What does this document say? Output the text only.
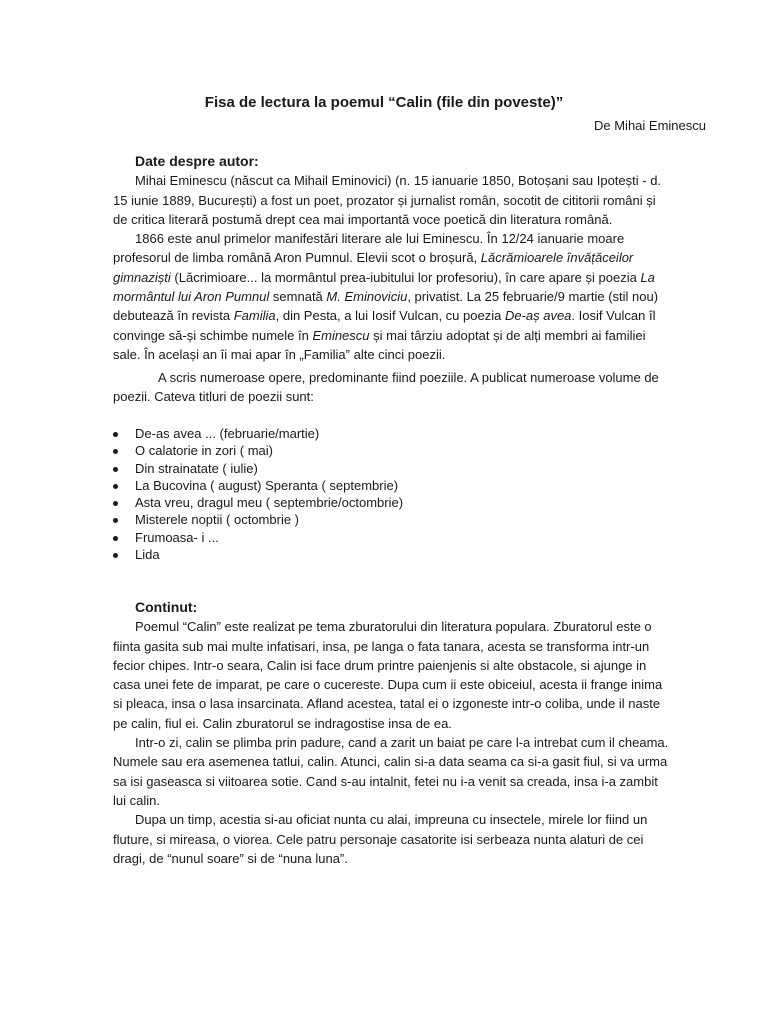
Fisa de lectura la poemul “Calin (file din poveste)”
De Mihai Eminescu
Date despre autor:

Mihai Eminescu (născut ca Mihail Eminovici) (n. 15 ianuarie 1850, Botoșani sau Ipotești - d. 15 iunie 1889, București) a fost un poet, prozator și jurnalist român, socotit de cititorii români și de critica literară postumă drept cea mai importantă voce poetică din literatura română.

1866 este anul primelor manifestări literare ale lui Eminescu. În 12/24 ianuarie moare profesorul de limba română Aron Pumnul. Elevii scot o broșură, Lăcrămioarele învățăceilor gimnaziști (Lăcrimioare... la mormântul prea-iubitului lor profesoriu), în care apare și poezia La mormântul lui Aron Pumnul semnată M. Eminoviciu, privatist. La 25 februarie/9 martie (stil nou) debutează în revista Familia, din Pesta, a lui Iosif Vulcan, cu poezia De-aș avea. Iosif Vulcan îl convinge să-și schimbe numele în Eminescu și mai târziu adoptat și de alți membri ai familiei sale. În același an îi mai apar în „Familia” alte cinci poezii.

A scris numeroase opere, predominante fiind poeziile. A publicat numeroase volume de poezii. Cateva titluri de poezii sunt:

De-as avea ... (februarie/martie)
O calatorie in zori ( mai)
Din strainatate ( iulie)
La Bucovina ( august) Speranta ( septembrie)
Asta vreu, dragul meu ( septembrie/octombrie)
Misterele noptii ( octombrie )
Frumoasa- i ...
Lida
Continut:

Poemul “Calin” este realizat pe tema zburatorului din literatura populara. Zburatorul este o fiinta gasita sub mai multe infatisari, insa, pe langa o fata tanara, acesta se transforma intr-un fecior chipes. Intr-o seara, Calin isi face drum printre paienjenis si alte obstacole, si ajunge in casa unei fete de imparat, pe care o cucereste. Dupa cum ii este obiceiul, acesta ii frange inima si pleaca, insa o lasa insarcinata. Afland acestea, tatal ei o izgoneste intr-o coliba, unde il naste pe calin, fiul ei. Calin zburatorul se indragostise insa de ea.

Intr-o zi, calin se plimba prin padure, cand a zarit un baiat pe care l-a intrebat cum il cheama. Numele sau era asemenea tatlui, calin. Atunci, calin si-a data seama ca si-a gasit fiul, si va urma sa isi gaseasca si viitoarea sotie. Cand s-au intalnit, fetei nu i-a venit sa creada, insa i-a zambit lui calin.

Dupa un timp, acestia si-au oficiat nunta cu alai, impreuna cu insectele, mirele lor fiind un fluture, si mireasa, o viorea. Cele patru personaje casatorite isi serbeaza nunta alaturi de cei dragi, de “nunul soare” si de “nuna luna”.
